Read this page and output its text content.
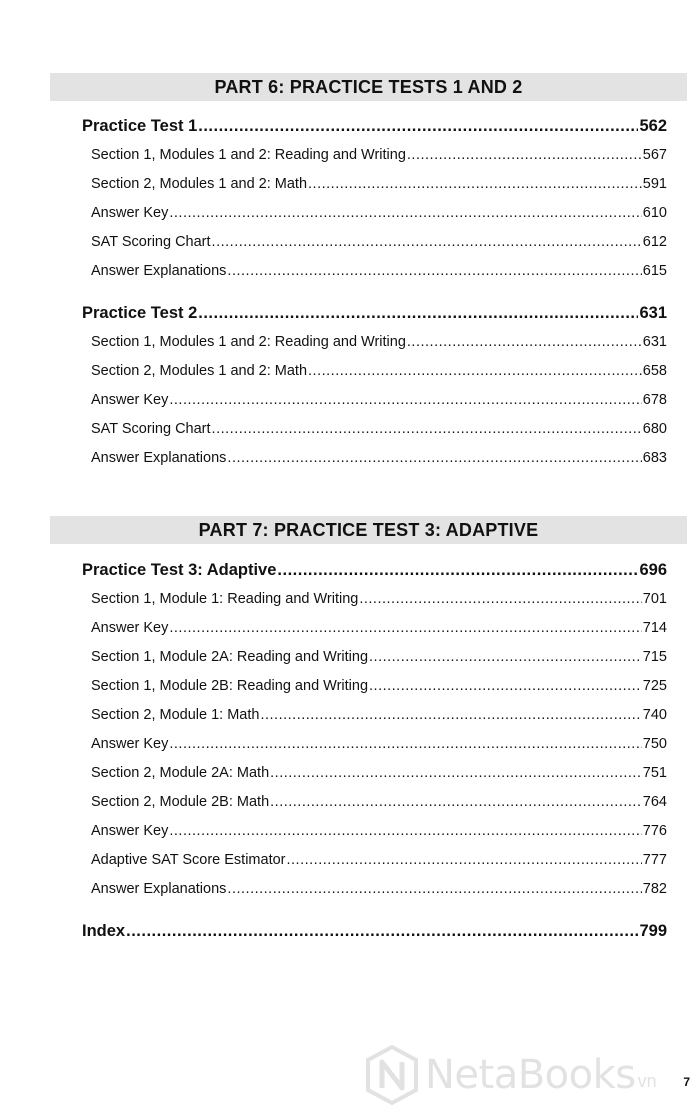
PART 6: PRACTICE TESTS 1 AND 2
Practice Test 1 .....	562
Section 1, Modules 1 and 2: Reading and Writing .....	567
Section 2, Modules 1 and 2: Math .....	591
Answer Key .....	610
SAT Scoring Chart .....	612
Answer Explanations .....	615
Practice Test 2 .....	631
Section 1, Modules 1 and 2: Reading and Writing .....	631
Section 2, Modules 1 and 2: Math .....	658
Answer Key .....	678
SAT Scoring Chart .....	680
Answer Explanations .....	683
PART 7: PRACTICE TEST 3: ADAPTIVE
Practice Test 3: Adaptive .....	696
Section 1, Module 1: Reading and Writing .....	701
Answer Key .....	714
Section 1, Module 2A: Reading and Writing .....	715
Section 1, Module 2B: Reading and Writing .....	725
Section 2, Module 1: Math .....	740
Answer Key .....	750
Section 2, Module 2A: Math .....	751
Section 2, Module 2B: Math .....	764
Answer Key .....	776
Adaptive SAT Score Estimator .....	777
Answer Explanations .....	782
Index .....	799
NetaBooks vn 7
